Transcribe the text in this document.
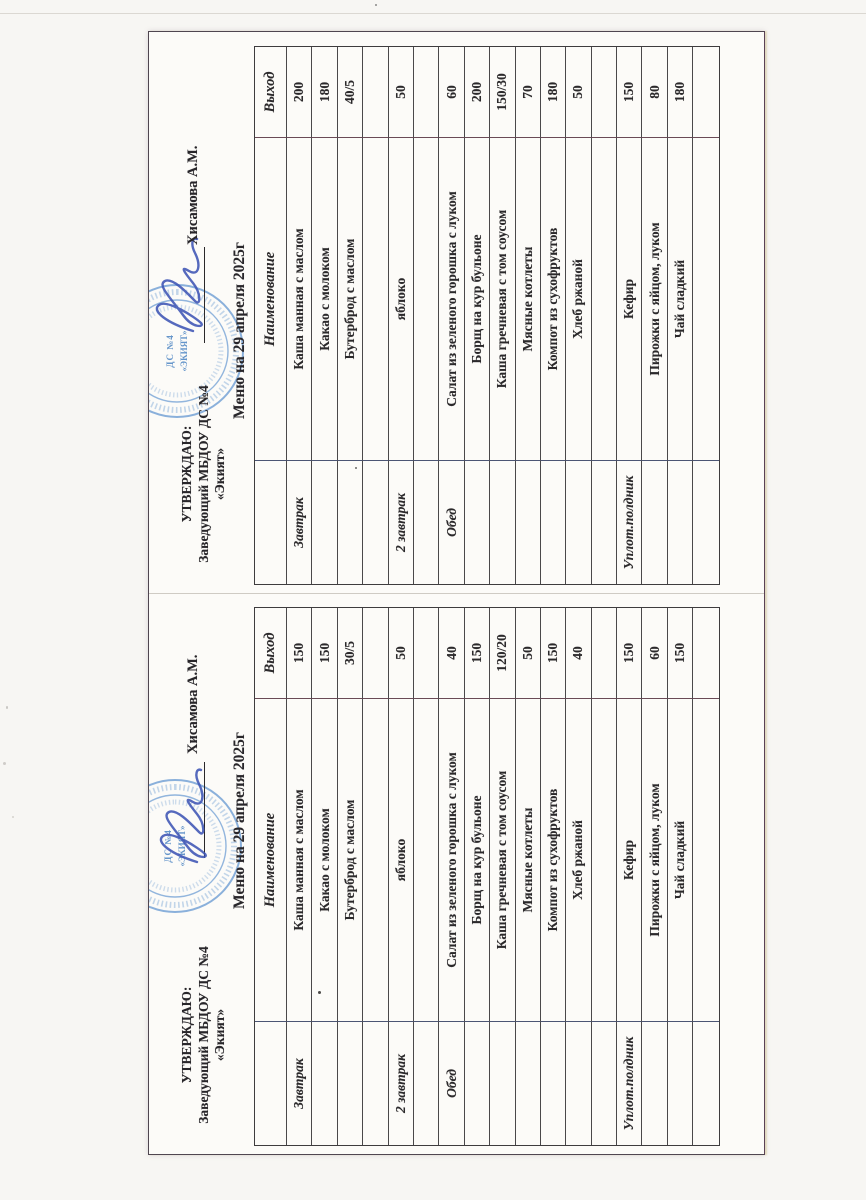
ДС №4 «ЭКИЯТ»
УТВЕРЖДАЮ: Заведующий МБДОУ ДС №4 «Экият»
Хисамова А.М.
Меню на 29 апреля 2025г Наименование
Выход
Завтрак
Каша манная с маслом
150
Какао с молоком
150
Бутерброд с маслом
30/5
2 завтрак
яблоко
50
Обед
Салат из зеленого горошка с луком
40
Борщ на кур бульоне
150
Каша гречневая с том соусом
120/20
Мясные котлеты
50
Компот из сухофруктов
150
Хлеб ржаной
40
Уплот.полдник
Кефир
150
Пирожки с яйцом, луком
60
Чай сладкий
150
ДС №4 «ЭКИЯТ»
УТВЕРЖДАЮ: Заведующий МБДОУ ДС №4 «Экият»
Хисамова А.М.
Меню на 29 апреля 2025г Наименование
Выход
Завтрак
Каша манная с маслом
200
Какао с молоком
180
Бутерброд с маслом
40/5
2 завтрак
яблоко
50
Обед
Салат из зеленого горошка с луком
60
Борщ на кур бульоне
200
Каша гречневая с том соусом
150/30
Мясные котлеты
70
Компот из сухофруктов
180
Хлеб ржаной
50
Уплот.полдник
Кефир
150
Пирожки с яйцом, луком
80
Чай сладкий
180
